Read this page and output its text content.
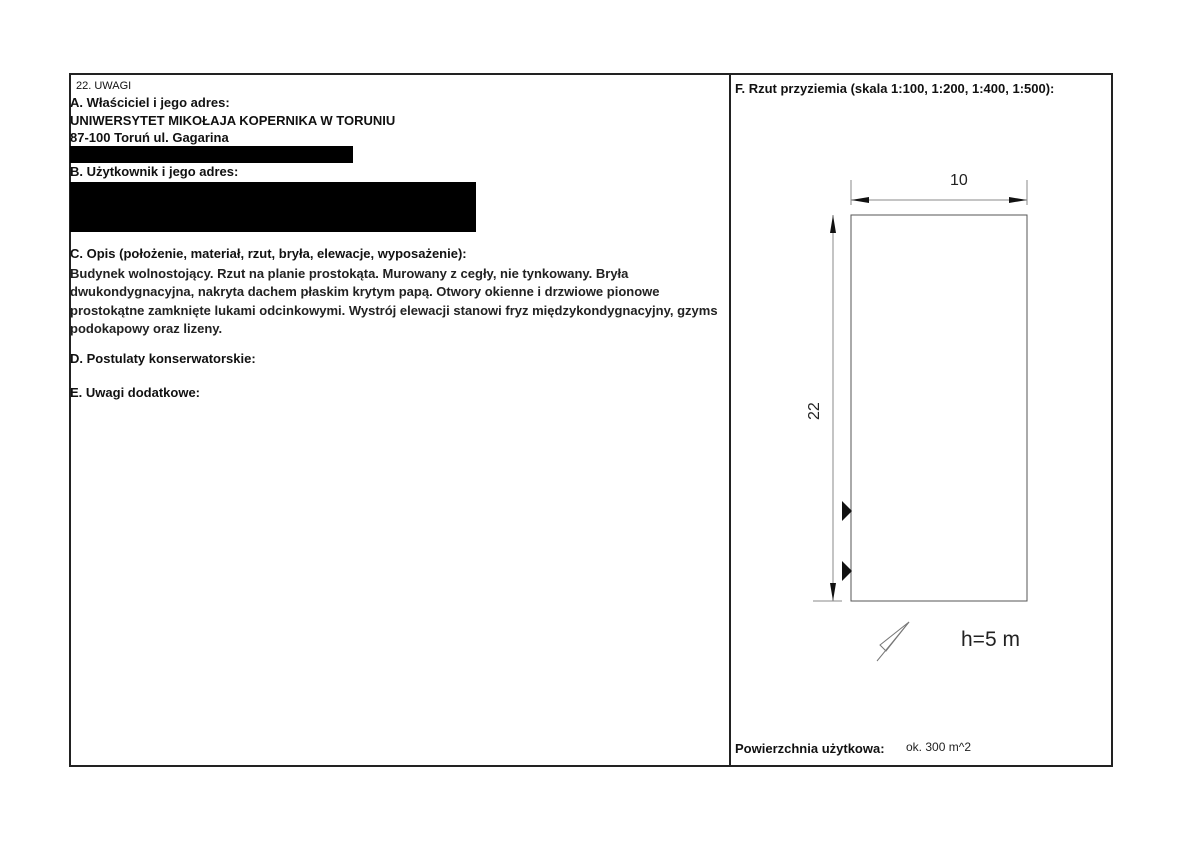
22. UWAGI
A. Właściciel i jego adres:
UNIWERSYTET MIKOŁAJA KOPERNIKA W TORUNIU
87-100 Toruń ul. Gagarina
B. Użytkownik i jego adres:
C. Opis (położenie, materiał, rzut, bryła, elewacje, wyposażenie):
Budynek wolnostojący. Rzut na planie prostokąta. Murowany z cegły, nie tynkowany. Bryła dwukondygnacyjna, nakryta dachem płaskim krytym papą. Otwory okienne i drzwiowe pionowe prostokątne zamknięte lukami odcinkowymi. Wystrój elewacji stanowi fryz międzykondygnacyjny, gzyms podokapowy oraz lizeny.
D. Postulaty konserwatorskie:
E. Uwagi dodatkowe:
F. Rzut przyziemia (skala 1:100, 1:200, 1:400, 1:500):
10
22
h=5 m
Powierzchnia użytkowa: ok. 300 m^2
